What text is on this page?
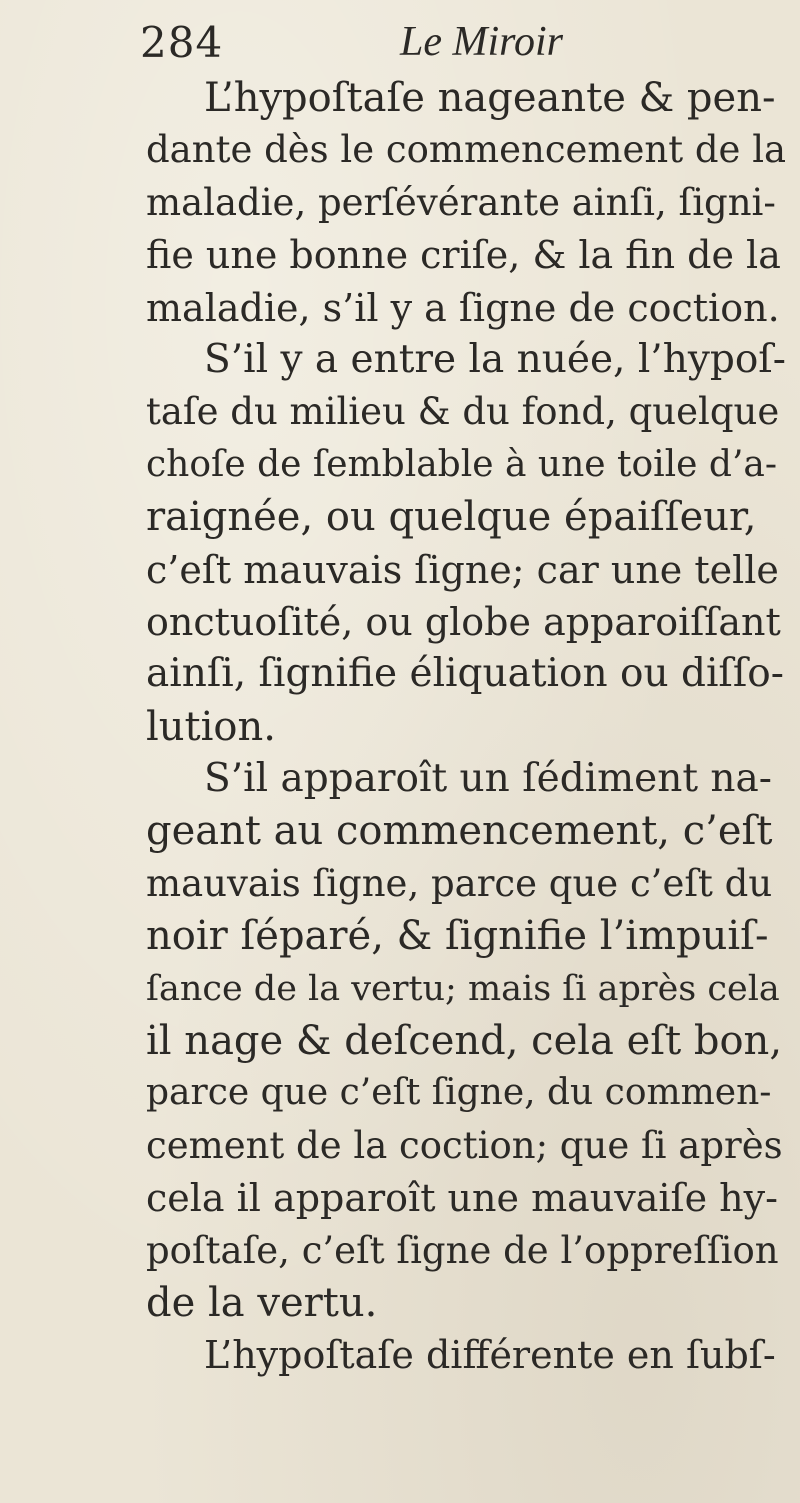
284	Le Miroir
L’hypoſtaſe nageante & pen-
dante dès le commencement de la
maladie, perſévérante ainſi, ſigni-
fie une bonne criſe, & la fin de la
maladie, s’il y a ſigne de coction.
S’il y a entre la nuée, l’hypoſ-
taſe du milieu & du fond, quelque
choſe de ſemblable à une toile d’a-
raignée, ou quelque épaiſſeur,
c’eſt mauvais ſigne; car une telle
onctuoſité, ou globe apparoiſſant
ainſi, ſignifie éliquation ou diſſo-
lution.
S’il apparoît un ſédiment na-
geant au commencement, c’eſt
mauvais ſigne, parce que c’eſt du
noir ſéparé, & ſignifie l’impuiſ-
ſance de la vertu; mais ſi après cela
il nage & deſcend, cela eſt bon,
parce que c’eſt ſigne, du commen-
cement de la coction; que ſi après
cela il apparoît une mauvaiſe hy-
poſtaſe, c’eſt ſigne de l’oppreſſion
de la vertu.
L’hypoſtaſe différente en ſubſ-
